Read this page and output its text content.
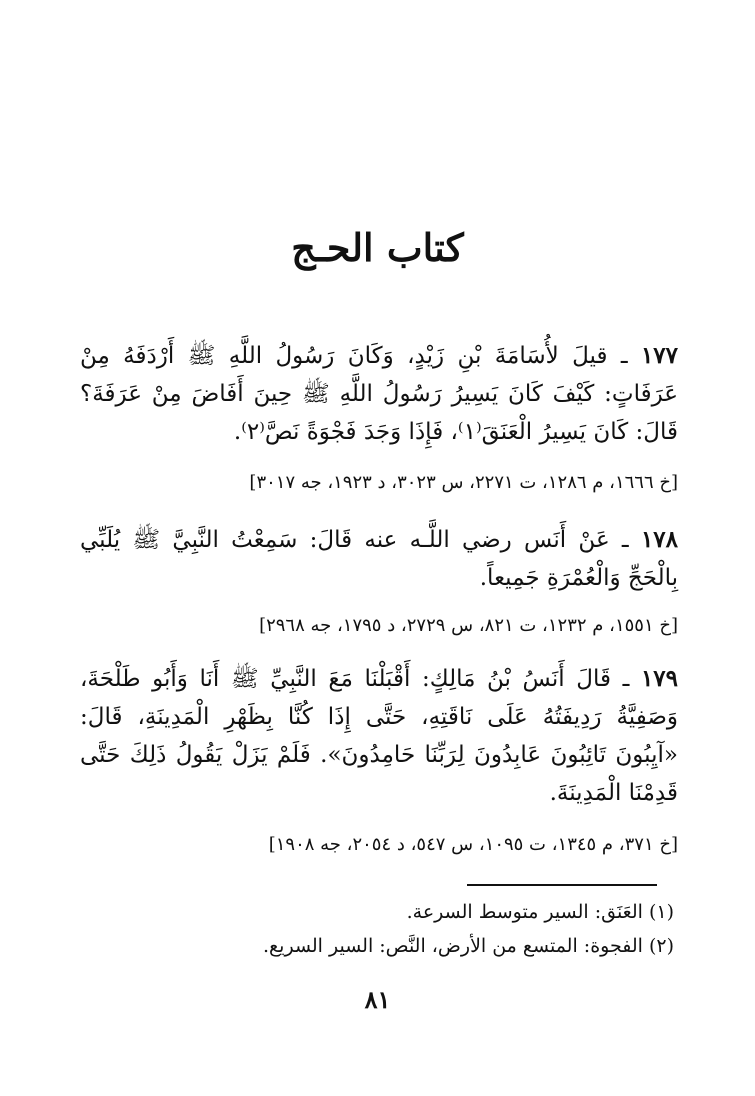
كتاب الحـج

١٧٧ ـ قيلَ لأُسَامَةَ بْنِ زَيْدٍ، وَكَانَ رَسُولُ اللَّهِ ﷺ أَرْدَفَهُ مِنْ عَرَفَاتٍ: كَيْفَ كَانَ يَسِيرُ رَسُولُ اللَّهِ ﷺ حِينَ أَفَاضَ مِنْ عَرَفَةَ؟ قَالَ: كَانَ يَسِيرُ الْعَنَقَ⁽١⁾، فَإِذَا وَجَدَ فَجْوَةً نَصَّ⁽٢⁾.

[خ ١٦٦٦، م ١٢٨٦، ت ٢٢٧١، س ٣٠٢٣، د ١٩٢٣، جه ٣٠١٧]

١٧٨ ـ عَنْ أَنَس رضي اللَّـه عنه قَالَ: سَمِعْتُ النَّبِيَّ ﷺ يُلَبِّي بِالْحَجِّ وَالْعُمْرَةِ جَمِيعاً.

[خ ١٥٥١، م ١٢٣٢، ت ٨٢١، س ٢٧٢٩، د ١٧٩٥، جه ٢٩٦٨]

١٧٩ ـ قَالَ أَنَسُ بْنُ مَالِكٍ: أَقْبَلْنَا مَعَ النَّبِيِّ ﷺ أَنَا وَأَبُو طَلْحَةَ، وَصَفِيَّةُ رَدِيفَتُهُ عَلَى نَاقَتِهِ، حَتَّى إِذَا كُنَّا بِظَهْرِ الْمَدِينَةِ، قَالَ: «آيِبُونَ تَائِبُونَ عَابِدُونَ لِرَبِّنَا حَامِدُونَ». فَلَمْ يَزَلْ يَقُولُ ذَلِكَ حَتَّى قَدِمْنَا الْمَدِينَةَ.

[خ ٣٧١، م ١٣٤٥، ت ١٠٩٥، س ٥٤٧، د ٢٠٥٤، جه ١٩٠٨]
(١) العَنَق: السير متوسط السرعة.
(٢) الفجوة: المتسع من الأرض، النَّص: السير السريع.
٨١
